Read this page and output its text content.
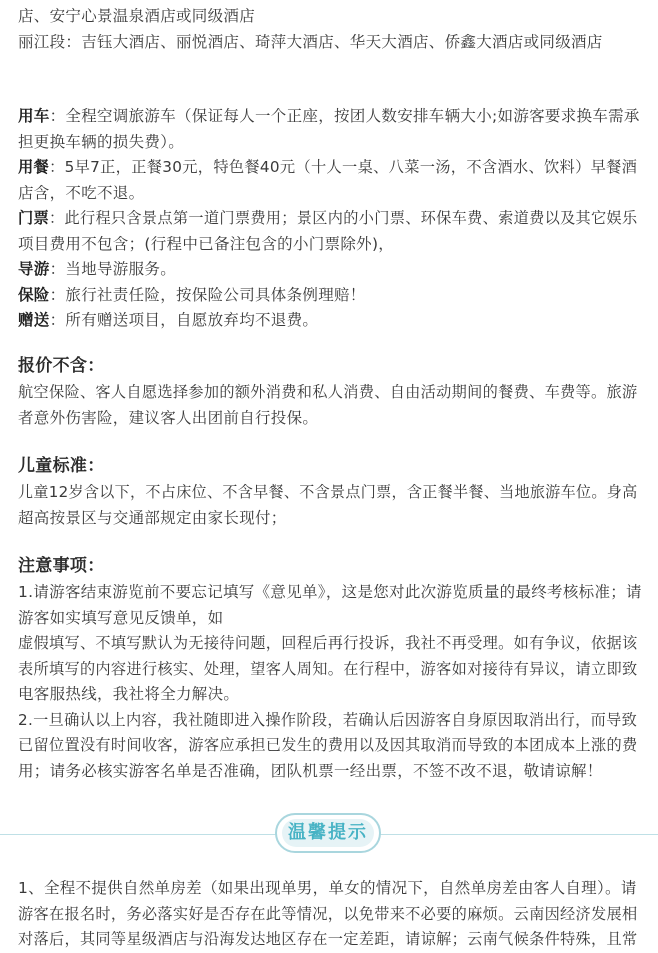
店、安宁心景温泉酒店或同级酒店
丽江段：吉钰大酒店、丽悦酒店、琦萍大酒店、华天大酒店、侨鑫大酒店或同级酒店
用车：全程空调旅游车（保证每人一个正座，按团人数安排车辆大小;如游客要求换车需承
担更换车辆的损失费）。
用餐：5早7正，正餐30元，特色餐40元（十人一桌、八菜一汤，不含酒水、饮料）早餐酒
店含，不吃不退。
门票：此行程只含景点第一道门票费用；景区内的小门票、环保车费、索道费以及其它娱乐
项目费用不包含；(行程中已备注包含的小门票除外)，
导游：当地导游服务。
保险：旅行社责任险，按保险公司具体条例理赔！
赠送：所有赠送项目，自愿放弃均不退费。
报价不含：
航空保险、客人自愿选择参加的额外消费和私人消费、自由活动期间的餐费、车费等。旅游
者意外伤害险，建议客人出团前自行投保。
儿童标准：
儿童12岁含以下，不占床位、不含早餐、不含景点门票，含正餐半餐、当地旅游车位。身高
超高按景区与交通部规定由家长现付；
注意事项：
1.请游客结束游览前不要忘记填写《意见单》，这是您对此次游览质量的最终考核标准；请
游客如实填写意见反馈单，如
虚假填写、不填写默认为无接待问题，回程后再行投诉，我社不再受理。如有争议，依据该
表所填写的内容进行核实、处理，望客人周知。在行程中，游客如对接待有异议，请立即致
电客服热线，我社将全力解决。
2.一旦确认以上内容，我社随即进入操作阶段，若确认后因游客自身原因取消出行，而导致
已留位置没有时间收客，游客应承担已发生的费用以及因其取消而导致的本团成本上涨的费
用；请务必核实游客名单是否准确，团队机票一经出票，不签不改不退，敬请谅解！
温馨提示
1、全程不提供自然单房差（如果出现单男，单女的情况下，自然单房差由客人自理）。请
游客在报名时，务必落实好是否存在此等情况，以免带来不必要的麻烦。云南因经济发展相
对落后，其同等星级酒店与沿海发达地区存在一定差距，请谅解；云南气候条件特殊，且常
